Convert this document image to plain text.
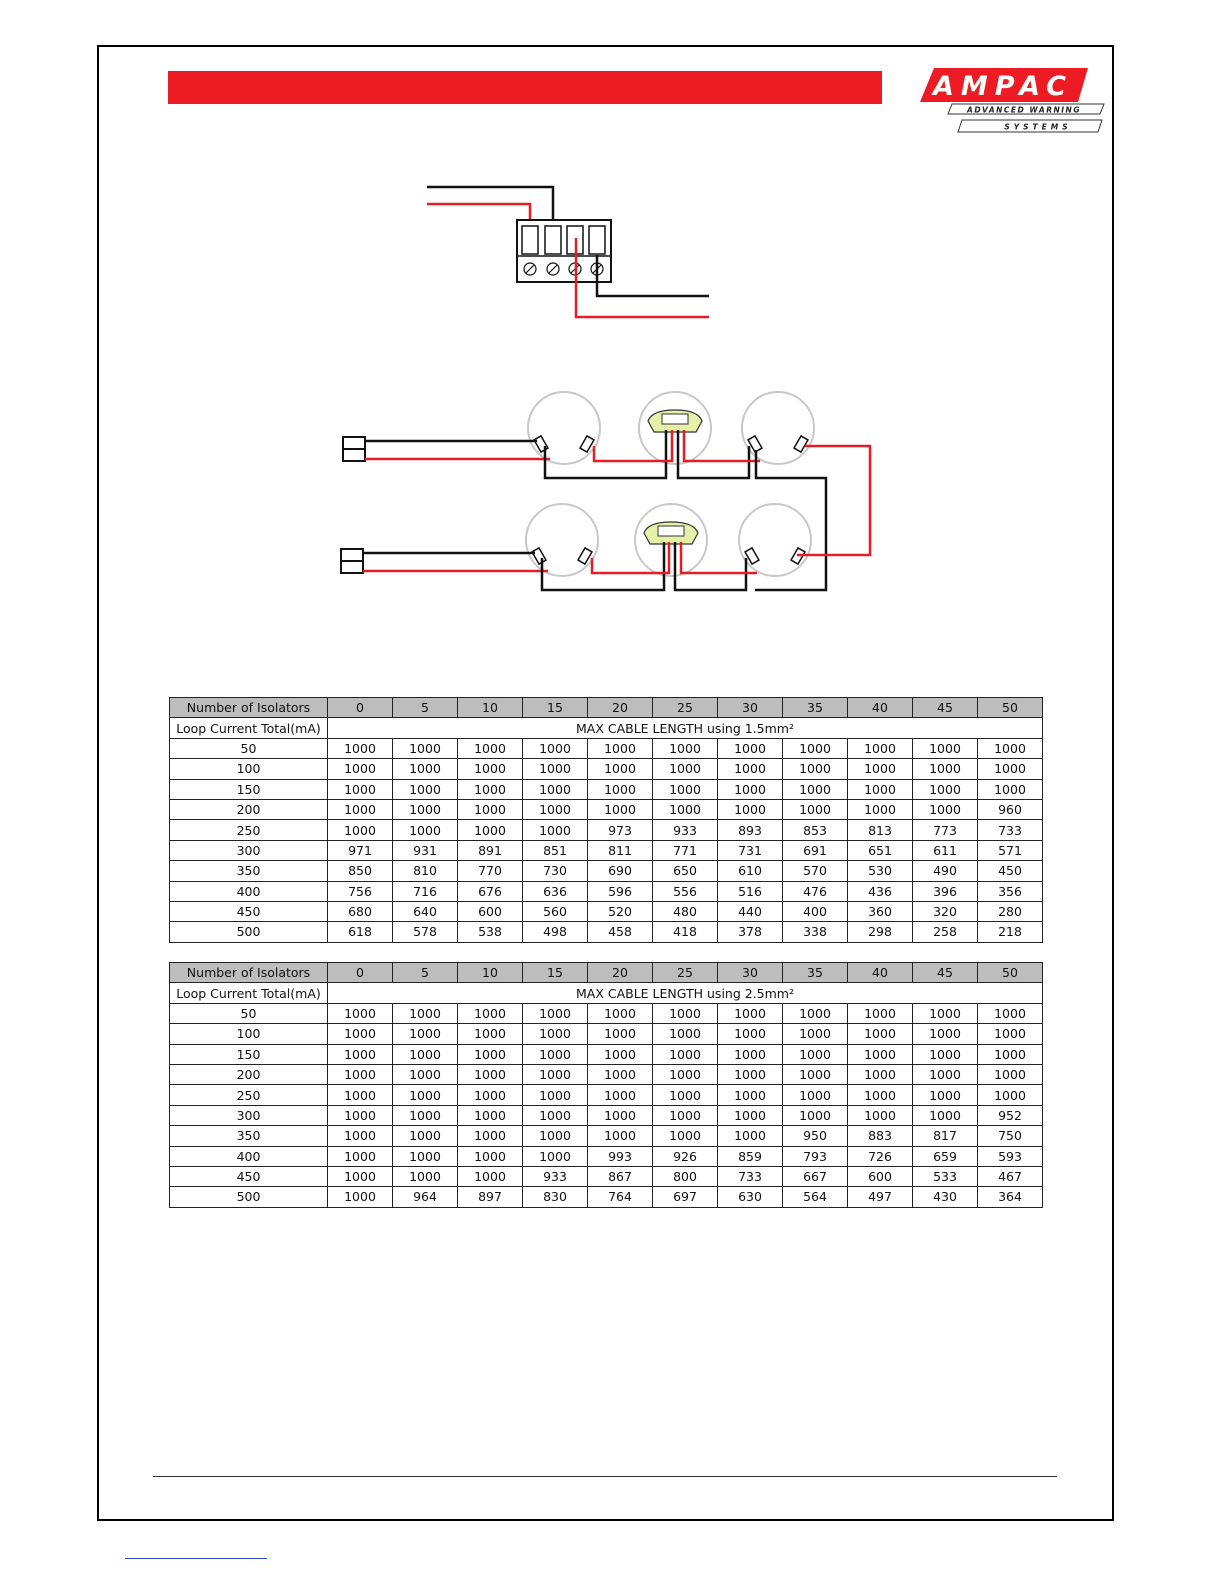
AMPAC
ADVANCED WARNING
SYSTEMS
Number of Isolators	0	5	10	15	20	25	30	35	40	45	50
Loop Current Total(mA)	MAX CABLE LENGTH using 1.5mm²										
50	1000	1000	1000	1000	1000	1000	1000	1000	1000	1000	1000
100	1000	1000	1000	1000	1000	1000	1000	1000	1000	1000	1000
150	1000	1000	1000	1000	1000	1000	1000	1000	1000	1000	1000
200	1000	1000	1000	1000	1000	1000	1000	1000	1000	1000	960
250	1000	1000	1000	1000	973	933	893	853	813	773	733
300	971	931	891	851	811	771	731	691	651	611	571
350	850	810	770	730	690	650	610	570	530	490	450
400	756	716	676	636	596	556	516	476	436	396	356
450	680	640	600	560	520	480	440	400	360	320	280
500	618	578	538	498	458	418	378	338	298	258	218
Number of Isolators	0	5	10	15	20	25	30	35	40	45	50
Loop Current Total(mA)	MAX CABLE LENGTH using 2.5mm²										
50	1000	1000	1000	1000	1000	1000	1000	1000	1000	1000	1000
100	1000	1000	1000	1000	1000	1000	1000	1000	1000	1000	1000
150	1000	1000	1000	1000	1000	1000	1000	1000	1000	1000	1000
200	1000	1000	1000	1000	1000	1000	1000	1000	1000	1000	1000
250	1000	1000	1000	1000	1000	1000	1000	1000	1000	1000	1000
300	1000	1000	1000	1000	1000	1000	1000	1000	1000	1000	952
350	1000	1000	1000	1000	1000	1000	1000	950	883	817	750
400	1000	1000	1000	1000	993	926	859	793	726	659	593
450	1000	1000	1000	933	867	800	733	667	600	533	467
500	1000	964	897	830	764	697	630	564	497	430	364
